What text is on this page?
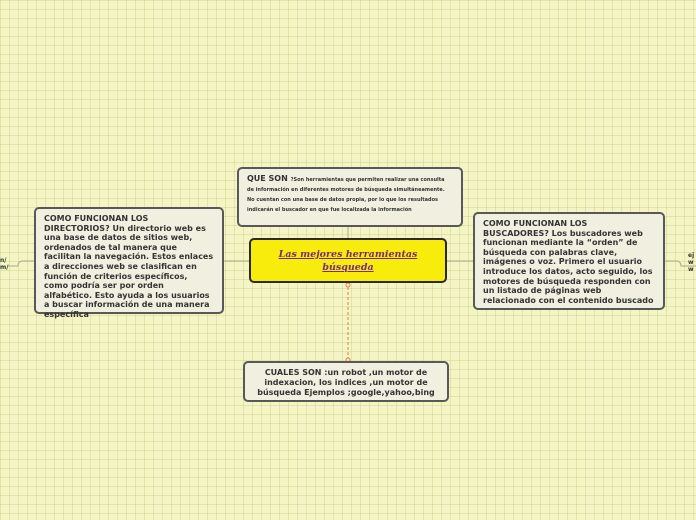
Las mejores herramientas búsqueda
QUE SON ?Son herramientas que permiten realizar una consulta de información en diferentes motores de búsqueda simultáneamente. No cuentan con una base de datos propia, por lo que los resultados indicarán el buscador en que fue localizada la información
COMO FUNCIONAN LOS DIRECTORIOS? Un directorio web es una base de datos de sitios web, ordenados de tal manera que facilitan la navegación. Estos enlaces a direcciones web se clasifican en función de criterios específicos, como podría ser por orden alfabético. Esto ayuda a los usuarios a buscar información de una manera específica
COMO FUNCIONAN LOS BUSCADORES? Los buscadores web funcionan mediante la “orden” de búsqueda con palabras clave, imágenes o voz. Primero el usuario introduce los datos, acto seguido, los motores de búsqueda responden con un listado de páginas web relacionado con el contenido buscado
CUALES SON :un robot ,un motor de indexacion, los indices ,un motor de búsqueda Ejemplos ;google,yahoo,bing
n/
m/
ej
w
w
